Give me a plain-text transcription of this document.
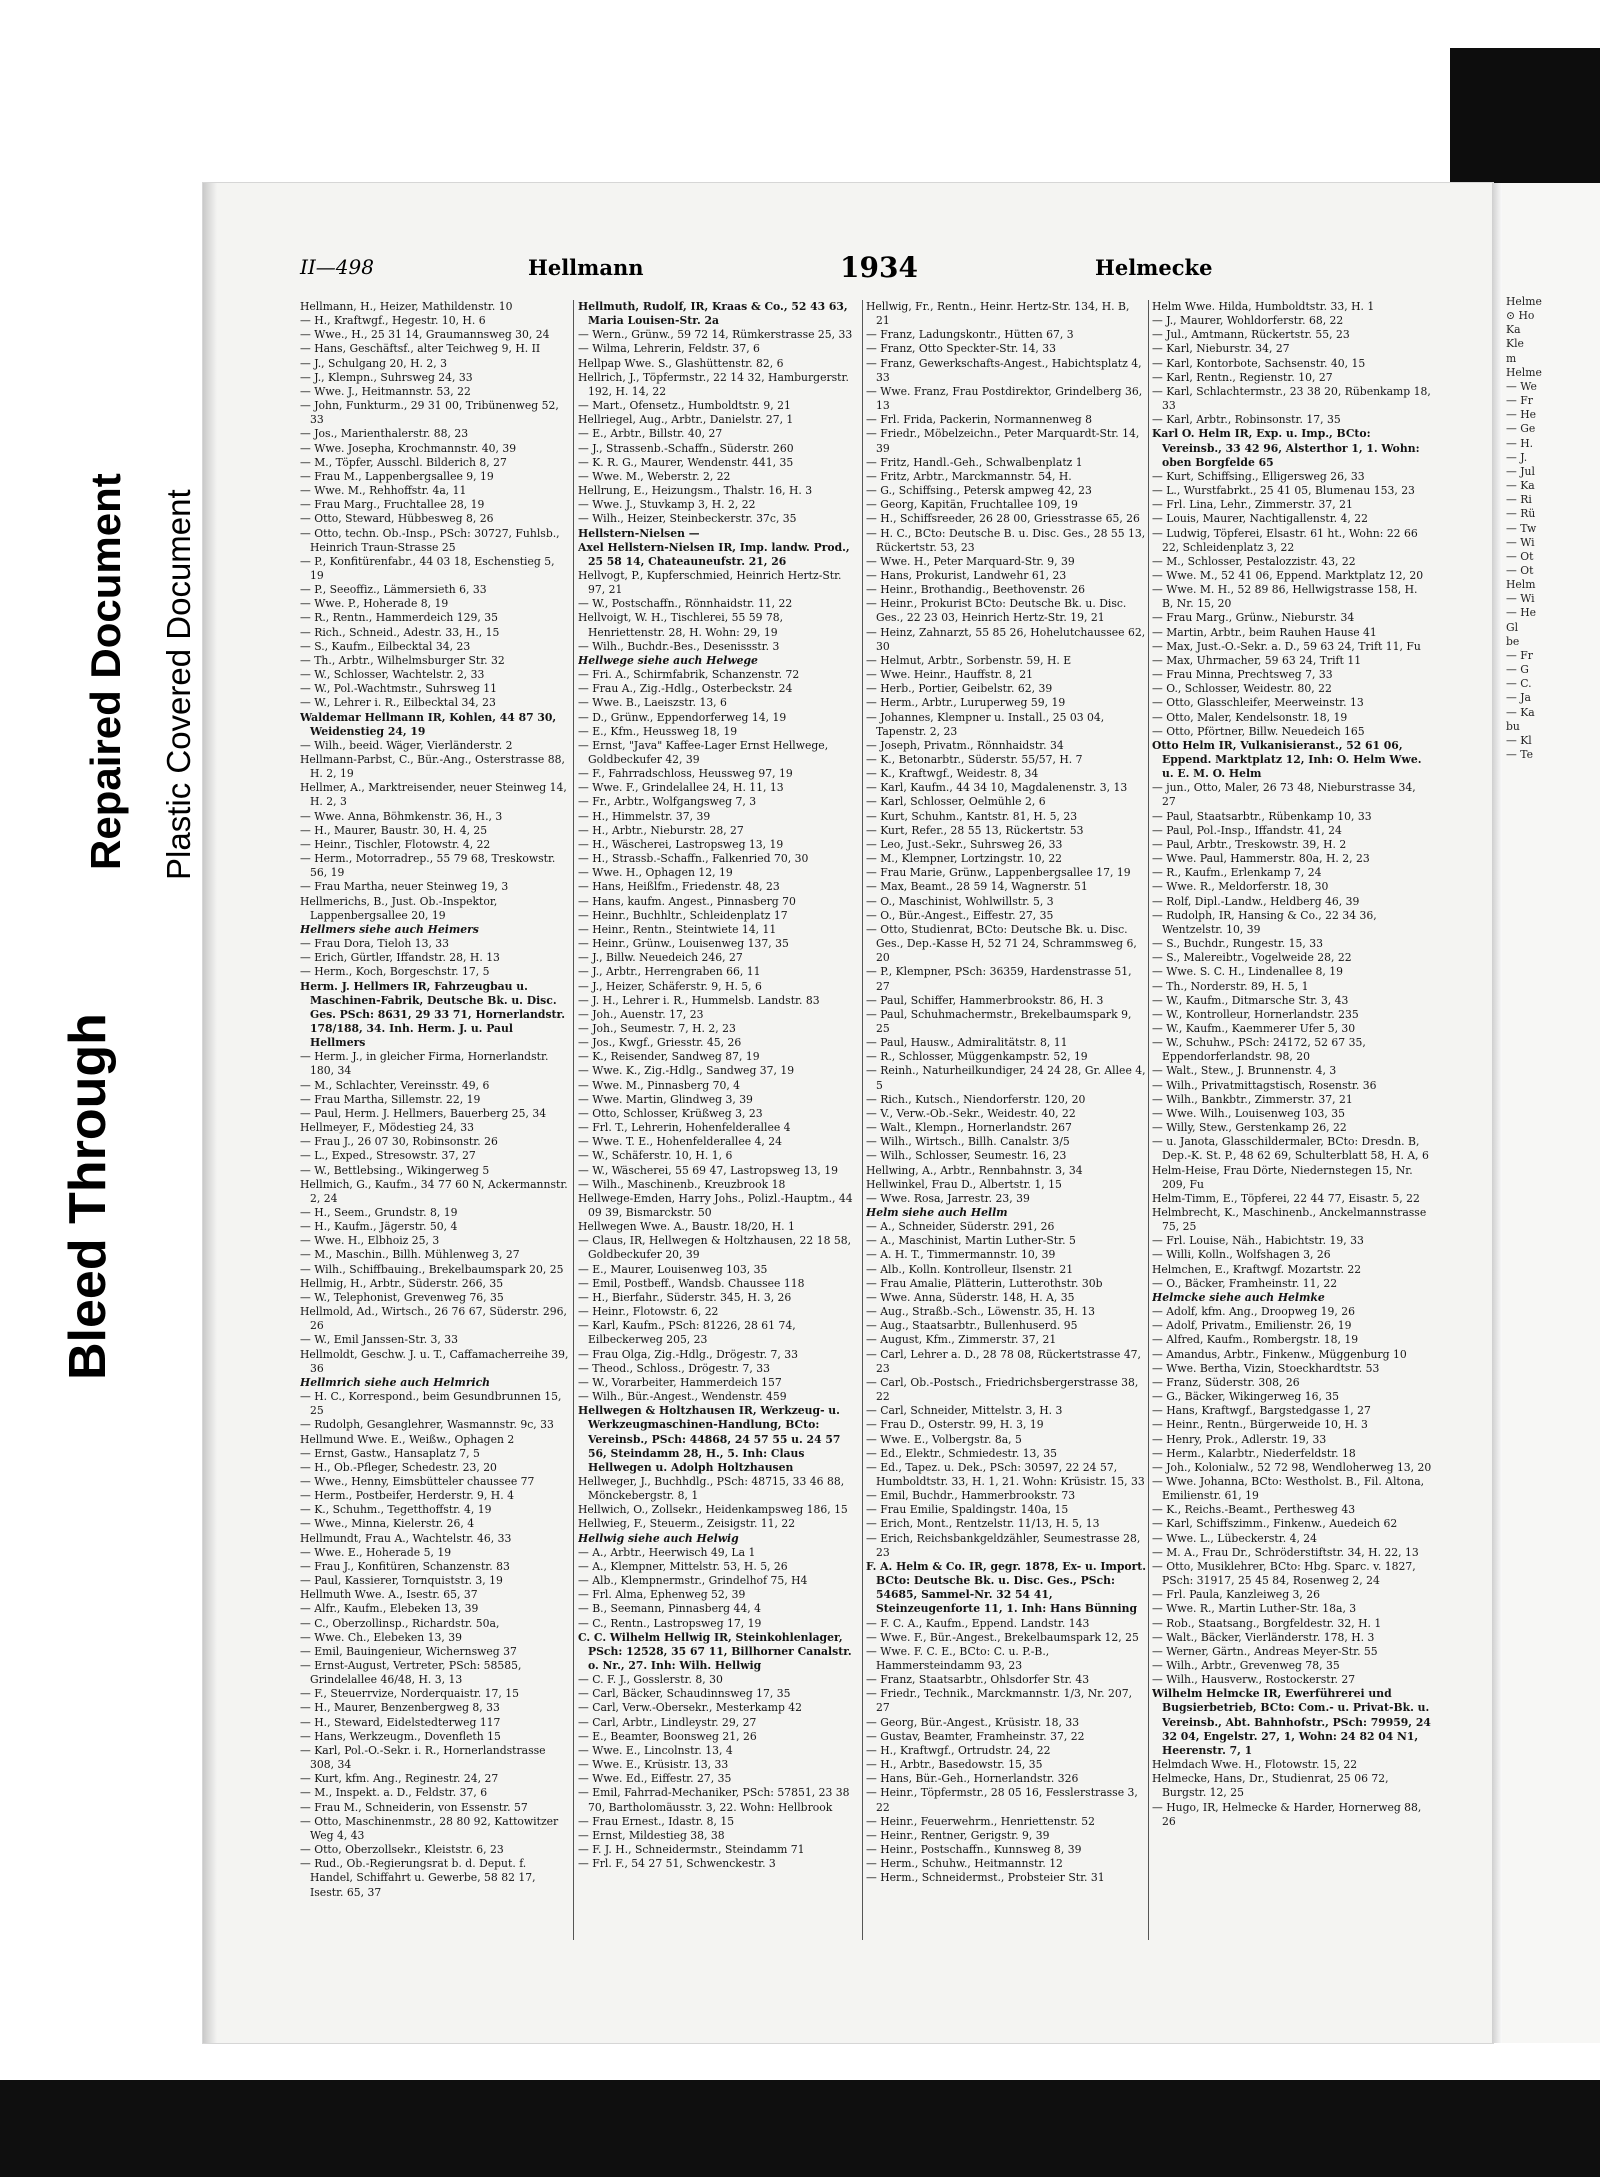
Bleed Through
Repaired Document Plastic Covered Document
Helme
⊙ Ho
Ka
Kle
m
Helme
— We
— Fr
— He
— Ge
— H.
— J.
— Jul
— Ka
— Ri
— Rü
— Tw
— Wi
— Ot
— Ot
Helm
— Wi
— He
Gl
be
— Fr
— G
— C.
— Ja
— Ka
bu
— Kl
— Te
II—498	Hellmann	1934	Helmecke
Hellmann, H., Heizer, Mathildenstr. 10
— H., Kraftwgf., Hegestr. 10, H. 6
— Wwe., H., 25 31 14, Graumannsweg 30, 24
— Hans, Geschäftsf., alter Teichweg 9, H. II
— J., Schulgang 20, H. 2, 3
— J., Klempn., Suhrsweg 24, 33
— Wwe. J., Heitmannstr. 53, 22
— John, Funkturm., 29 31 00, Tribünenweg 52, 33
— Jos., Marienthalerstr. 88, 23
— Wwe. Josepha, Krochmannstr. 40, 39
— M., Töpfer, Ausschl. Bilderich 8, 27
— Frau M., Lappenbergsallee 9, 19
— Wwe. M., Rehhoffstr. 4a, 11
— Frau Marg., Fruchtallee 28, 19
— Otto, Steward, Hübbesweg 8, 26
— Otto, techn. Ob.-Insp., PSch: 30727, Fuhlsb., Heinrich Traun-Strasse 25
— P., Konfitürenfabr., 44 03 18, Eschenstieg 5, 19
— P., Seeoffiz., Lämmersieth 6, 33
— Wwe. P., Hoherade 8, 19
— R., Rentn., Hammerdeich 129, 35
— Rich., Schneid., Adestr. 33, H., 15
— S., Kaufm., Eilbecktal 34, 23
— Th., Arbtr., Wilhelmsburger Str. 32
— W., Schlosser, Wachtelstr. 2, 33
— W., Pol.-Wachtmstr., Suhrsweg 11
— W., Lehrer i. R., Eilbecktal 34, 23
Waldemar Hellmann IR, Kohlen, 44 87 30, Weidenstieg 24, 19
— Wilh., beeid. Wäger, Vierländerstr. 2
Hellmann-Parbst, C., Bür.-Ang., Osterstrasse 88, H. 2, 19
Hellmer, A., Marktreisender, neuer Steinweg 14, H. 2, 3
— Wwe. Anna, Böhmkenstr. 36, H., 3
— H., Maurer, Baustr. 30, H. 4, 25
— Heinr., Tischler, Flotowstr. 4, 22
— Herm., Motorradrep., 55 79 68, Treskowstr. 56, 19
— Frau Martha, neuer Steinweg 19, 3
Hellmerichs, B., Just. Ob.-Inspektor, Lappenbergsallee 20, 19
Hellmers siehe auch Heimers
— Frau Dora, Tieloh 13, 33
— Erich, Gürtler, Iffandstr. 28, H. 13
— Herm., Koch, Borgeschstr. 17, 5
Herm. J. Hellmers IR, Fahrzeugbau u. Maschinen-Fabrik, Deutsche Bk. u. Disc. Ges. PSch: 8631, 29 33 71, Hornerlandstr. 178/188, 34. Inh. Herm. J. u. Paul Hellmers
— Herm. J., in gleicher Firma, Hornerlandstr. 180, 34
— M., Schlachter, Vereinsstr. 49, 6
— Frau Martha, Sillemstr. 22, 19
— Paul, Herm. J. Hellmers, Bauerberg 25, 34
Hellmeyer, F., Mödestieg 24, 33
— Frau J., 26 07 30, Robinsonstr. 26
— L., Exped., Stresowstr. 37, 27
— W., Bettlebsing., Wikingerweg 5
Hellmich, G., Kaufm., 34 77 60 N, Ackermannstr. 2, 24
— H., Seem., Grundstr. 8, 19
— H., Kaufm., Jägerstr. 50, 4
— Wwe. H., Elbhoiz 25, 3
— M., Maschin., Billh. Mühlenweg 3, 27
— Wilh., Schiffbauing., Brekelbaumspark 20, 25
Hellmig, H., Arbtr., Süderstr. 266, 35
— W., Telephonist, Grevenweg 76, 35
Hellmold, Ad., Wirtsch., 26 76 67, Süderstr. 296, 26
— W., Emil Janssen-Str. 3, 33
Hellmoldt, Geschw. J. u. T., Caffamacherreihe 39, 36
Hellmrich siehe auch Helmrich
— H. C., Korrespond., beim Gesundbrunnen 15, 25
— Rudolph, Gesanglehrer, Wasmannstr. 9c, 33
Hellmund Wwe. E., Weißw., Ophagen 2
— Ernst, Gastw., Hansaplatz 7, 5
— H., Ob.-Pfleger, Schedestr. 23, 20
— Wwe., Henny, Eimsbütteler chaussee 77
— Herm., Postbeifer, Herderstr. 9, H. 4
— K., Schuhm., Tegetthoffstr. 4, 19
— Wwe., Minna, Kielerstr. 26, 4
Hellmundt, Frau A., Wachtelstr. 46, 33
— Wwe. E., Hoherade 5, 19
— Frau J., Konfitüren, Schanzenstr. 83
— Paul, Kassierer, Tornquiststr. 3, 19
Hellmuth Wwe. A., Isestr. 65, 37
— Alfr., Kaufm., Elebeken 13, 39
— C., Oberzollinsp., Richardstr. 50a,
— Wwe. Ch., Elebeken 13, 39
— Emil, Bauingenieur, Wichernsweg 37
— Ernst-August, Vertreter, PSch: 58585, Grindelallee 46/48, H. 3, 13
— F., Steuerrvize, Norderquaistr. 17, 15
— H., Maurer, Benzenbergweg 8, 33
— H., Steward, Eidelstedterweg 117
— Hans, Werkzeugm., Dovenfleth 15
— Karl, Pol.-O.-Sekr. i. R., Hornerlandstrasse 308, 34
— Kurt, kfm. Ang., Reginestr. 24, 27
— M., Inspekt. a. D., Feldstr. 37, 6
— Frau M., Schneiderin, von Essenstr. 57
— Otto, Maschinenmstr., 28 80 92, Kattowitzer Weg 4, 43
— Otto, Oberzollsekr., Kleiststr. 6, 23
— Rud., Ob.-Regierungsrat b. d. Deput. f. Handel, Schiffahrt u. Gewerbe, 58 82 17, Isestr. 65, 37
Hellmuth, Rudolf, IR, Kraas & Co., 52 43 63, Maria Louisen-Str. 2a
— Wern., Grünw., 59 72 14, Rümkerstrasse 25, 33
— Wilma, Lehrerin, Feldstr. 37, 6
Hellpap Wwe. S., Glashüttenstr. 82, 6
Hellrich, J., Töpfermstr., 22 14 32, Hamburgerstr. 192, H. 14, 22
— Mart., Ofensetz., Humboldtstr. 9, 21
Hellriegel, Aug., Arbtr., Danielstr. 27, 1
— E., Arbtr., Billstr. 40, 27
— J., Strassenb.-Schaffn., Süderstr. 260
— K. R. G., Maurer, Wendenstr. 441, 35
— Wwe. M., Weberstr. 2, 22
Hellrung, E., Heizungsm., Thalstr. 16, H. 3
— Wwe. J., Stuvkamp 3, H. 2, 22
— Wilh., Heizer, Steinbeckerstr. 37c, 35
Hellstern-Nielsen —
Axel Hellstern-Nielsen IR, Imp. landw. Prod., 25 58 14, Chateauneufstr. 21, 26
Hellvogt, P., Kupferschmied, Heinrich Hertz-Str. 97, 21
— W., Postschaffn., Rönnhaidstr. 11, 22
Hellvoigt, W. H., Tischlerei, 55 59 78, Henriettenstr. 28, H. Wohn: 29, 19
— Wilh., Buchdr.-Bes., Desenissstr. 3
Hellwege siehe auch Helwege
— Fri. A., Schirmfabrik, Schanzenstr. 72
— Frau A., Zig.-Hdlg., Osterbeckstr. 24
— Wwe. B., Laeiszstr. 13, 6
— D., Grünw., Eppendorferweg 14, 19
— E., Kfm., Heussweg 18, 19
— Ernst, "Java" Kaffee-Lager Ernst Hellwege, Goldbeckufer 42, 39
— F., Fahrradschloss, Heussweg 97, 19
— Wwe. F., Grindelallee 24, H. 11, 13
— Fr., Arbtr., Wolfgangsweg 7, 3
— H., Himmelstr. 37, 39
— H., Arbtr., Nieburstr. 28, 27
— H., Wäscherei, Lastropsweg 13, 19
— H., Strassb.-Schaffn., Falkenried 70, 30
— Wwe. H., Ophagen 12, 19
— Hans, Heißlfm., Friedenstr. 48, 23
— Hans, kaufm. Angest., Pinnasberg 70
— Heinr., Buchhltr., Schleidenplatz 17
— Heinr., Rentn., Steintwiete 14, 11
— Heinr., Grünw., Louisenweg 137, 35
— J., Billw. Neuedeich 246, 27
— J., Arbtr., Herrengraben 66, 11
— J., Heizer, Schäferstr. 9, H. 5, 6
— J. H., Lehrer i. R., Hummelsb. Landstr. 83
— Joh., Auenstr. 17, 23
— Joh., Seumestr. 7, H. 2, 23
— Jos., Kwgf., Griesstr. 45, 26
— K., Reisender, Sandweg 87, 19
— Wwe. K., Zig.-Hdlg., Sandweg 37, 19
— Wwe. M., Pinnasberg 70, 4
— Wwe. Martin, Glindweg 3, 39
— Otto, Schlosser, Krüßweg 3, 23
— Frl. T., Lehrerin, Hohenfelderallee 4
— Wwe. T. E., Hohenfelderallee 4, 24
— W., Schäferstr. 10, H. 1, 6
— W., Wäscherei, 55 69 47, Lastropsweg 13, 19
— Wilh., Maschinenb., Kreuzbrook 18
Hellwege-Emden, Harry Johs., Polizl.-Hauptm., 44 09 39, Bismarckstr. 50
Hellwegen Wwe. A., Baustr. 18/20, H. 1
— Claus, IR, Hellwegen & Holtzhausen, 22 18 58, Goldbeckufer 20, 39
— E., Maurer, Louisenweg 103, 35
— Emil, Postbeff., Wandsb. Chaussee 118
— H., Bierfahr., Süderstr. 345, H. 3, 26
— Heinr., Flotowstr. 6, 22
— Karl, Kaufm., PSch: 81226, 28 61 74, Eilbeckerweg 205, 23
— Frau Olga, Zig.-Hdlg., Drögestr. 7, 33
— Theod., Schloss., Drögestr. 7, 33
— W., Vorarbeiter, Hammerdeich 157
— Wilh., Bür.-Angest., Wendenstr. 459
Hellwegen & Holtzhausen IR, Werkzeug- u. Werkzeugmaschinen-Handlung, BCto: Vereinsb., PSch: 44868, 24 57 55 u. 24 57 56, Steindamm 28, H., 5. Inh: Claus Hellwegen u. Adolph Holtzhausen
Hellweger, J., Buchhdlg., PSch: 48715, 33 46 88, Mönckebergstr. 8, 1
Hellwich, O., Zollsekr., Heidenkampsweg 186, 15
Hellwieg, F., Steuerm., Zeisigstr. 11, 22
Hellwig siehe auch Helwig
— A., Arbtr., Heerwisch 49, La 1
— A., Klempner, Mittelstr. 53, H. 5, 26
— Alb., Klempnermstr., Grindelhof 75, H4
— Frl. Alma, Ephenweg 52, 39
— B., Seemann, Pinnasberg 44, 4
— C., Rentn., Lastropsweg 17, 19
C. C. Wilhelm Hellwig IR, Steinkohlenlager, PSch: 12528, 35 67 11, Billhorner Canalstr. o. Nr., 27. Inh: Wilh. Hellwig
— C. F. J., Gosslerstr. 8, 30
— Carl, Bäcker, Schaudinnsweg 17, 35
— Carl, Verw.-Obersekr., Mesterkamp 42
— Carl, Arbtr., Lindleystr. 29, 27
— E., Beamter, Boonsweg 21, 26
— Wwe. E., Lincolnstr. 13, 4
— Wwe. E., Krüsistr. 13, 33
— Wwe. Ed., Eiffestr. 27, 35
— Emil, Fahrrad-Mechaniker, PSch: 57851, 23 38 70, Bartholomäusstr. 3, 22. Wohn: Hellbrook
— Frau Ernest., Idastr. 8, 15
— Ernst, Mildestieg 38, 38
— F. J. H., Schneidermstr., Steindamm 71
— Frl. F., 54 27 51, Schwenckestr. 3
Hellwig, Fr., Rentn., Heinr. Hertz-Str. 134, H. B, 21
— Franz, Ladungskontr., Hütten 67, 3
— Franz, Otto Speckter-Str. 14, 33
— Franz, Gewerkschafts-Angest., Habichtsplatz 4, 33
— Wwe. Franz, Frau Postdirektor, Grindelberg 36, 13
— Frl. Frida, Packerin, Normannenweg 8
— Friedr., Möbelzeichn., Peter Marquardt-Str. 14, 39
— Fritz, Handl.-Geh., Schwalbenplatz 1
— Fritz, Arbtr., Marckmannstr. 54, H.
— G., Schiffsing., Petersk ampweg 42, 23
— Georg, Kapitän, Fruchtallee 109, 19
— H., Schiffsreeder, 26 28 00, Griesstrasse 65, 26
— H. C., BCto: Deutsche B. u. Disc. Ges., 28 55 13, Rückertstr. 53, 23
— Wwe. H., Peter Marquard-Str. 9, 39
— Hans, Prokurist, Landwehr 61, 23
— Heinr., Brothandig., Beethovenstr. 26
— Heinr., Prokurist BCto: Deutsche Bk. u. Disc. Ges., 22 23 03, Heinrich Hertz-Str. 19, 21
— Heinz, Zahnarzt, 55 85 26, Hohelutchaussee 62, 30
— Helmut, Arbtr., Sorbenstr. 59, H. E
— Wwe. Heinr., Hauffstr. 8, 21
— Herb., Portier, Geibelstr. 62, 39
— Herm., Arbtr., Luruperweg 59, 19
— Johannes, Klempner u. Install., 25 03 04, Tapenstr. 2, 23
— Joseph, Privatm., Rönnhaidstr. 34
— K., Betonarbtr., Süderstr. 55/57, H. 7
— K., Kraftwgf., Weidestr. 8, 34
— Karl, Kaufm., 44 34 10, Magdalenenstr. 3, 13
— Karl, Schlosser, Oelmühle 2, 6
— Kurt, Schuhm., Kantstr. 81, H. 5, 23
— Kurt, Refer., 28 55 13, Rückertstr. 53
— Leo, Just.-Sekr., Suhrsweg 26, 33
— M., Klempner, Lortzingstr. 10, 22
— Frau Marie, Grünw., Lappenbergsallee 17, 19
— Max, Beamt., 28 59 14, Wagnerstr. 51
— O., Maschinist, Wohlwillstr. 5, 3
— O., Bür.-Angest., Eiffestr. 27, 35
— Otto, Studienrat, BCto: Deutsche Bk. u. Disc. Ges., Dep.-Kasse H, 52 71 24, Schrammsweg 6, 20
— P., Klempner, PSch: 36359, Hardenstrasse 51, 27
— Paul, Schiffer, Hammerbrookstr. 86, H. 3
— Paul, Schuhmachermstr., Brekelbaumspark 9, 25
— Paul, Hausw., Admiralitätstr. 8, 11
— R., Schlosser, Müggenkampstr. 52, 19
— Reinh., Naturheilkundiger, 24 24 28, Gr. Allee 4, 5
— Rich., Kutsch., Niendorferstr. 120, 20
— V., Verw.-Ob.-Sekr., Weidestr. 40, 22
— Walt., Klempn., Hornerlandstr. 267
— Wilh., Wirtsch., Billh. Canalstr. 3/5
— Wilh., Schlosser, Seumestr. 16, 23
Hellwing, A., Arbtr., Rennbahnstr. 3, 34
Hellwinkel, Frau D., Albertstr. 1, 15
— Wwe. Rosa, Jarrestr. 23, 39
Helm siehe auch Hellm
— A., Schneider, Süderstr. 291, 26
— A., Maschinist, Martin Luther-Str. 5
— A. H. T., Timmermannstr. 10, 39
— Alb., Kolln. Kontrolleur, Ilsenstr. 21
— Frau Amalie, Plätterin, Lutterothstr. 30b
— Wwe. Anna, Süderstr. 148, H. A, 35
— Aug., Straßb.-Sch., Löwenstr. 35, H. 13
— Aug., Staatsarbtr., Bullenhuserd. 95
— August, Kfm., Zimmerstr. 37, 21
— Carl, Lehrer a. D., 28 78 08, Rückertstrasse 47, 23
— Carl, Ob.-Postsch., Friedrichsbergerstrasse 38, 22
— Carl, Schneider, Mittelstr. 3, H. 3
— Frau D., Osterstr. 99, H. 3, 19
— Wwe. E., Volbergstr. 8a, 5
— Ed., Elektr., Schmiedestr. 13, 35
— Ed., Tapez. u. Dek., PSch: 30597, 22 24 57, Humboldtstr. 33, H. 1, 21. Wohn: Krüsistr. 15, 33
— Emil, Buchdr., Hammerbrookstr. 73
— Frau Emilie, Spaldingstr. 140a, 15
— Erich, Mont., Rentzelstr. 11/13, H. 5, 13
— Erich, Reichsbankgeldzähler, Seumestrasse 28, 23
F. A. Helm & Co. IR, gegr. 1878, Ex- u. Import. BCto: Deutsche Bk. u. Disc. Ges., PSch: 54685, Sammel-Nr. 32 54 41, Steinzeugenforte 11, 1. Inh: Hans Bünning
— F. C. A., Kaufm., Eppend. Landstr. 143
— Wwe. F., Bür.-Angest., Brekelbaumspark 12, 25
— Wwe. F. C. E., BCto: C. u. P.-B., Hammersteindamm 93, 23
— Franz, Staatsarbtr., Ohlsdorfer Str. 43
— Friedr., Technik., Marckmannstr. 1/3, Nr. 207, 27
— Georg, Bür.-Angest., Krüsistr. 18, 33
— Gustav, Beamter, Framheinstr. 37, 22
— H., Kraftwgf., Ortrudstr. 24, 22
— H., Arbtr., Basedowstr. 15, 35
— Hans, Bür.-Geh., Hornerlandstr. 326
— Heinr., Töpfermstr., 28 05 16, Fesslerstrasse 3, 22
— Heinr., Feuerwehrm., Henriettenstr. 52
— Heinr., Rentner, Gerigstr. 9, 39
— Heinr., Postschaffn., Kunnsweg 8, 39
— Herm., Schuhw., Heitmannstr. 12
— Herm., Schneidermst., Probsteier Str. 31
Helm Wwe. Hilda, Humboldtstr. 33, H. 1
— J., Maurer, Wohldorferstr. 68, 22
— Jul., Amtmann, Rückertstr. 55, 23
— Karl, Nieburstr. 34, 27
— Karl, Kontorbote, Sachsenstr. 40, 15
— Karl, Rentn., Regienstr. 10, 27
— Karl, Schlachtermstr., 23 38 20, Rübenkamp 18, 33
— Karl, Arbtr., Robinsonstr. 17, 35
Karl O. Helm IR, Exp. u. Imp., BCto: Vereinsb., 33 42 96, Alsterthor 1, 1. Wohn: oben Borgfelde 65
— Kurt, Schiffsing., Elligersweg 26, 33
— L., Wurstfabrkt., 25 41 05, Blumenau 153, 23
— Frl. Lina, Lehr., Zimmerstr. 37, 21
— Louis, Maurer, Nachtigallenstr. 4, 22
— Ludwig, Töpferei, Elsastr. 61 ht., Wohn: 22 66 22, Schleidenplatz 3, 22
— M., Schlosser, Pestalozzistr. 43, 22
— Wwe. M., 52 41 06, Eppend. Marktplatz 12, 20
— Wwe. M. H., 52 89 86, Hellwigstrasse 158, H. B, Nr. 15, 20
— Frau Marg., Grünw., Nieburstr. 34
— Martin, Arbtr., beim Rauhen Hause 41
— Max, Just.-O.-Sekr. a. D., 59 63 24, Trift 11, Fu
— Max, Uhrmacher, 59 63 24, Trift 11
— Frau Minna, Prechtsweg 7, 33
— O., Schlosser, Weidestr. 80, 22
— Otto, Glasschleifer, Meerweinstr. 13
— Otto, Maler, Kendelsonstr. 18, 19
— Otto, Pförtner, Billw. Neuedeich 165
Otto Helm IR, Vulkanisieranst., 52 61 06, Eppend. Marktplatz 12, Inh: O. Helm Wwe. u. E. M. O. Helm
— jun., Otto, Maler, 26 73 48, Nieburstrasse 34, 27
— Paul, Staatsarbtr., Rübenkamp 10, 33
— Paul, Pol.-Insp., Iffandstr. 41, 24
— Paul, Arbtr., Treskowstr. 39, H. 2
— Wwe. Paul, Hammerstr. 80a, H. 2, 23
— R., Kaufm., Erlenkamp 7, 24
— Wwe. R., Meldorferstr. 18, 30
— Rolf, Dipl.-Landw., Heldberg 46, 39
— Rudolph, IR, Hansing & Co., 22 34 36, Wentzelstr. 10, 39
— S., Buchdr., Rungestr. 15, 33
— S., Malereibtr., Vogelweide 28, 22
— Wwe. S. C. H., Lindenallee 8, 19
— Th., Norderstr. 89, H. 5, 1
— W., Kaufm., Ditmarsche Str. 3, 43
— W., Kontrolleur, Hornerlandstr. 235
— W., Kaufm., Kaemmerer Ufer 5, 30
— W., Schuhw., PSch: 24172, 52 67 35, Eppendorferlandstr. 98, 20
— Walt., Stew., J. Brunnenstr. 4, 3
— Wilh., Privatmittagstisch, Rosenstr. 36
— Wilh., Bankbtr., Zimmerstr. 37, 21
— Wwe. Wilh., Louisenweg 103, 35
— Willy, Stew., Gerstenkamp 26, 22
— u. Janota, Glasschildermaler, BCto: Dresdn. B, Dep.-K. St. P., 48 62 69, Schulterblatt 58, H. A, 6
Helm-Heise, Frau Dörte, Niedernstegen 15, Nr. 209, Fu
Helm-Timm, E., Töpferei, 22 44 77, Eisastr. 5, 22
Helmbrecht, K., Maschinenb., Anckelmannstrasse 75, 25
— Frl. Louise, Näh., Habichtstr. 19, 33
— Willi, Kolln., Wolfshagen 3, 26
Helmchen, E., Kraftwgf. Mozartstr. 22
— O., Bäcker, Framheinstr. 11, 22
Helmcke siehe auch Helmke
— Adolf, kfm. Ang., Droopweg 19, 26
— Adolf, Privatm., Emilienstr. 26, 19
— Alfred, Kaufm., Rombergstr. 18, 19
— Amandus, Arbtr., Finkenw., Müggenburg 10
— Wwe. Bertha, Vizin, Stoeckhardtstr. 53
— Franz, Süderstr. 308, 26
— G., Bäcker, Wikingerweg 16, 35
— Hans, Kraftwgf., Bargstedgasse 1, 27
— Heinr., Rentn., Bürgerweide 10, H. 3
— Henry, Prok., Adlerstr. 19, 33
— Herm., Kalarbtr., Niederfeldstr. 18
— Joh., Kolonialw., 52 72 98, Wendloherweg 13, 20
— Wwe. Johanna, BCto: Westholst. B., Fil. Altona, Emilienstr. 61, 19
— K., Reichs.-Beamt., Perthesweg 43
— Karl, Schiffszimm., Finkenw., Auedeich 62
— Wwe. L., Lübeckerstr. 4, 24
— M. A., Frau Dr., Schröderstiftstr. 34, H. 22, 13
— Otto, Musiklehrer, BCto: Hbg. Sparc. v. 1827, PSch: 31917, 25 45 84, Rosenweg 2, 24
— Frl. Paula, Kanzleiweg 3, 26
— Wwe. R., Martin Luther-Str. 18a, 3
— Rob., Staatsang., Borgfeldestr. 32, H. 1
— Walt., Bäcker, Vierländerstr. 178, H. 3
— Werner, Gärtn., Andreas Meyer-Str. 55
— Wilh., Arbtr., Grevenweg 78, 35
— Wilh., Hausverw., Rostockerstr. 27
Wilhelm Helmcke IR, Ewerführerei und Bugsierbetrieb, BCto: Com.- u. Privat-Bk. u. Vereinsb., Abt. Bahnhofstr., PSch: 79959, 24 32 04, Engelstr. 27, 1, Wohn: 24 82 04 N1, Heerenstr. 7, 1
Helmdach Wwe. H., Flotowstr. 15, 22
Helmecke, Hans, Dr., Studienrat, 25 06 72, Burgstr. 12, 25
— Hugo, IR, Helmecke & Harder, Hornerweg 88, 26
